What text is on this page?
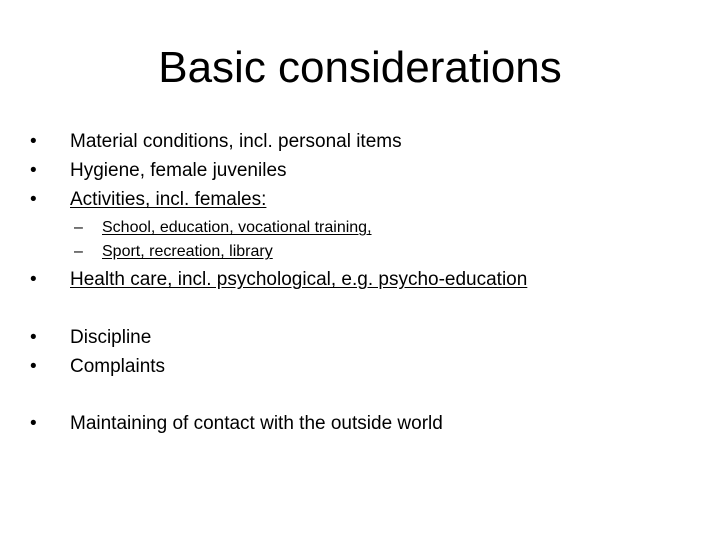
Basic considerations
• Material conditions, incl. personal items
• Hygiene, female juveniles
• Activities, incl. females:
– School, education, vocational training,
– Sport, recreation, library
• Health care, incl. psychological, e.g. psycho-education
• Discipline
• Complaints
• Maintaining of contact with the outside world
